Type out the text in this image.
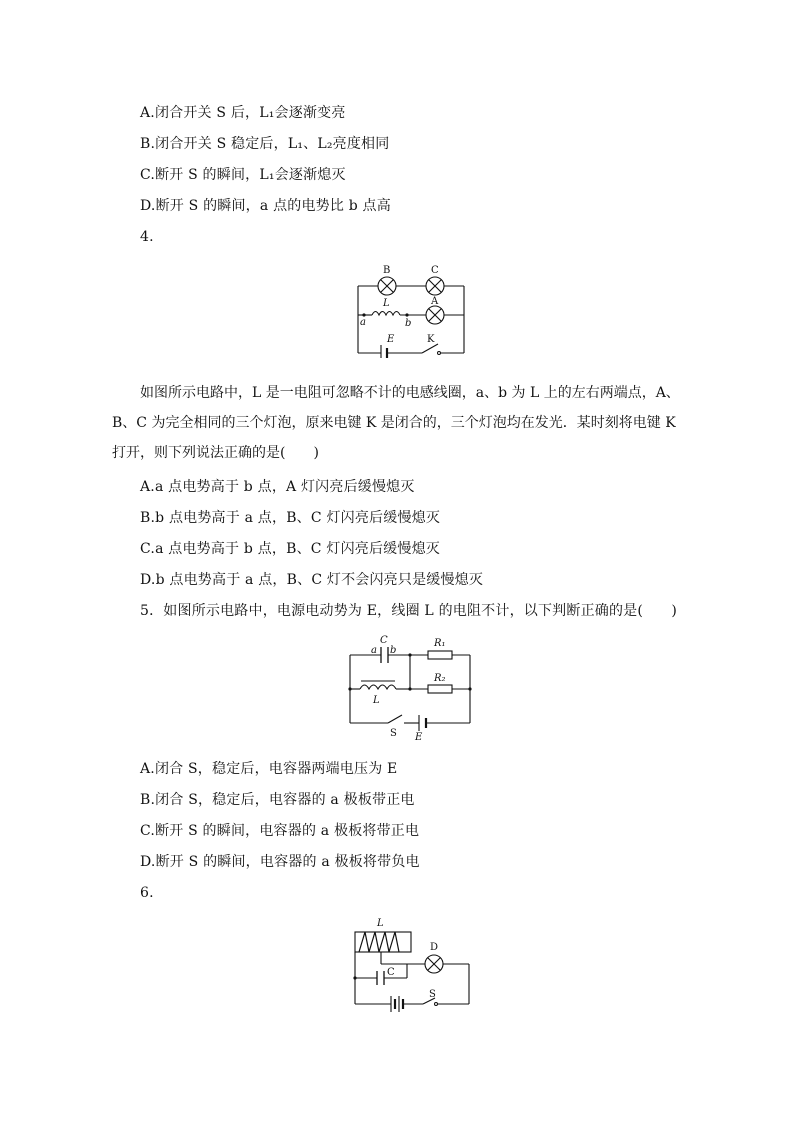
A.闭合开关 S 后，L₁会逐渐变亮
B.闭合开关 S 稳定后，L₁、L₂亮度相同
C.断开 S 的瞬间，L₁会逐渐熄灭
D.断开 S 的瞬间，a 点的电势比 b 点高
4.
B	C
A
L
a	b
E	K
如图所示电路中，L 是一电阻可忽略不计的电感线圈，a、b 为 L 上的左右两端点，A、B、C 为完全相同的三个灯泡，原来电键 K 是闭合的，三个灯泡均在发光．某时刻将电键 K 打开，则下列说法正确的是(　　)
A.a 点电势高于 b 点，A 灯闪亮后缓慢熄灭
B.b 点电势高于 a 点，B、C 灯闪亮后缓慢熄灭
C.a 点电势高于 b 点，B、C 灯闪亮后缓慢熄灭
D.b 点电势高于 a 点，B、C 灯不会闪亮只是缓慢熄灭
5．如图所示电路中，电源电动势为 E，线圈 L 的电阻不计，以下判断正确的是(　　)
C
a b
R₁
R₂
L
S E
A.闭合 S，稳定后，电容器两端电压为 E
B.闭合 S，稳定后，电容器的 a 极板带正电
C.断开 S 的瞬间，电容器的 a 极板将带正电
D.断开 S 的瞬间，电容器的 a 极板将带负电
6.
L
D
C
S
